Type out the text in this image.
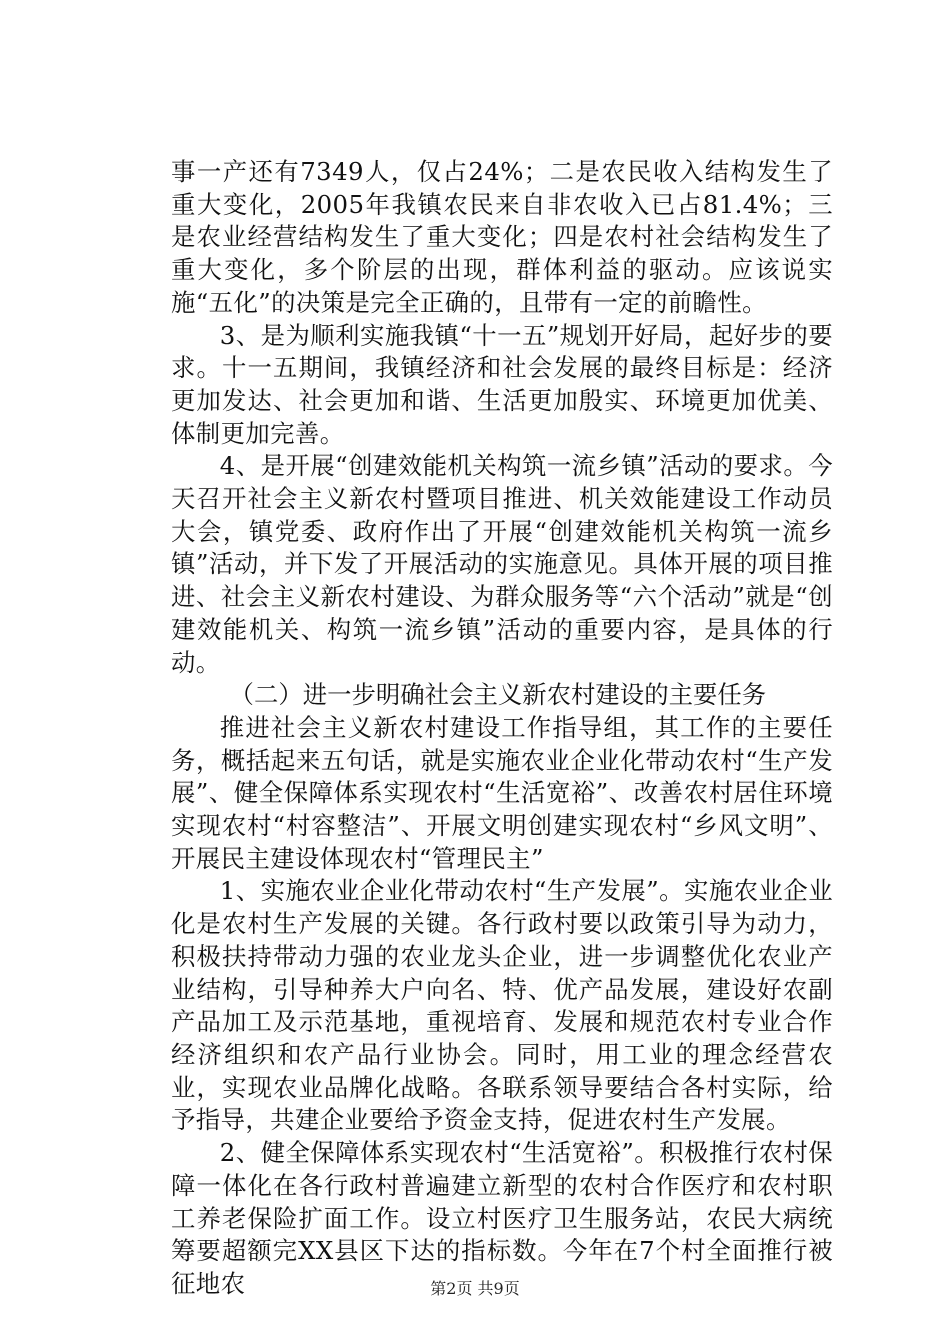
事一产还有7349人，仅占24%；二是农民收入结构发生了重大变化，2005年我镇农民来自非农收入已占81.4%；三是农业经营结构发生了重大变化；四是农村社会结构发生了重大变化，多个阶层的出现，群体利益的驱动。应该说实施“五化”的决策是完全正确的，且带有一定的前瞻性。

3、是为顺利实施我镇“十一五”规划开好局，起好步的要求。十一五期间，我镇经济和社会发展的最终目标是：经济更加发达、社会更加和谐、生活更加殷实、环境更加优美、体制更加完善。

4、是开展“创建效能机关构筑一流乡镇”活动的要求。今天召开社会主义新农村暨项目推进、机关效能建设工作动员大会，镇党委、政府作出了开展“创建效能机关构筑一流乡镇”活动，并下发了开展活动的实施意见。具体开展的项目推进、社会主义新农村建设、为群众服务等“六个活动”就是“创建效能机关、构筑一流乡镇”活动的重要内容，是具体的行动。

（二）进一步明确社会主义新农村建设的主要任务

推进社会主义新农村建设工作指导组，其工作的主要任务，概括起来五句话，就是实施农业企业化带动农村“生产发展”、健全保障体系实现农村“生活宽裕”、改善农村居住环境实现农村“村容整洁”、开展文明创建实现农村“乡风文明”、开展民主建设体现农村“管理民主”

1、实施农业企业化带动农村“生产发展”。实施农业企业化是农村生产发展的关键。各行政村要以政策引导为动力，积极扶持带动力强的农业龙头企业，进一步调整优化农业产业结构，引导种养大户向名、特、优产品发展，建设好农副产品加工及示范基地，重视培育、发展和规范农村专业合作经济组织和农产品行业协会。同时，用工业的理念经营农业，实现农业品牌化战略。各联系领导要结合各村实际，给予指导，共建企业要给予资金支持，促进农村生产发展。

2、健全保障体系实现农村“生活宽裕”。积极推行农村保障一体化在各行政村普遍建立新型的农村合作医疗和农村职工养老保险扩面工作。设立村医疗卫生服务站，农民大病统筹要超额完XX县区下达的指标数。今年在7个村全面推行被征地农	第2页 共9页
